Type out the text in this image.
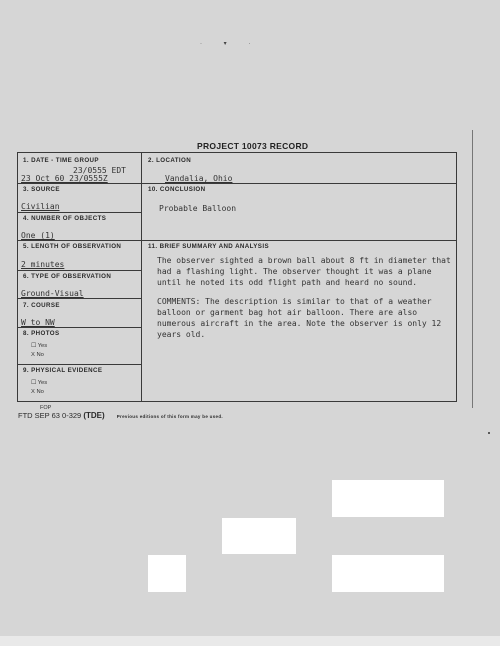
· ▾ ·
PROJECT 10073 RECORD
1. DATE - TIME GROUP
23/0555 EDT
23 Oct 60 23/0555Z
2. LOCATION
Vandalia, Ohio
3. SOURCE
Civilian
10. CONCLUSION
Probable Balloon
4. NUMBER OF OBJECTS
One (1)
5. LENGTH OF OBSERVATION
2 minutes
11. BRIEF SUMMARY AND ANALYSIS

The observer sighted a brown ball about 8 ft in diameter that had a flashing light. The observer thought it was a plane until he noted its odd flight path and heard no sound.

COMMENTS: The description is similar to that of a weather balloon or garment bag hot air balloon. There are also numerous aircraft in the area. Note the observer is only 12 years old.

6. TYPE OF OBSERVATION
Ground-Visual
7. COURSE
W to NW
8. PHOTOS
☐ Yes
X No
9. PHYSICAL EVIDENCE
☐ Yes
X No
FOP
FTD SEP 63 0-329 (TDE)	Previous editions of this form may be used.
